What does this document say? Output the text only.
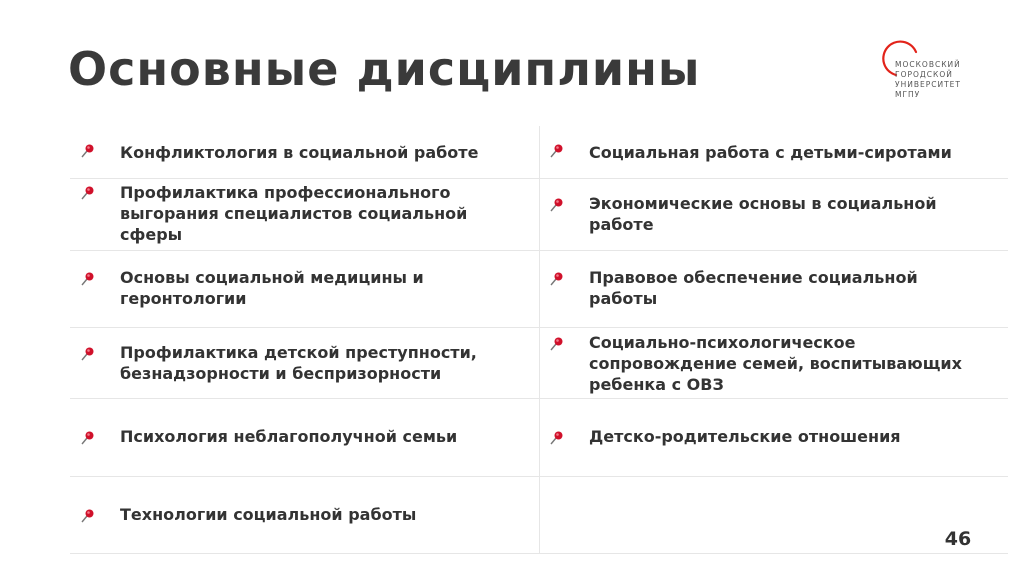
Основные дисциплины	МОСКОВСКИЙ
ГОРОДСКОЙ
УНИВЕРСИТЕТ
МГПУ
Конфликтология в социальной работе
Профилактика профессионального выгорания специалистов социальной сферы
Основы социальной медицины и геронтологии
Профилактика детской преступности, безнадзорности и беспризорности
Психология неблагополучной семьи
Технологии социальной работы
Социальная работа с детьми-сиротами
Экономические основы в социальной работе
Правовое обеспечение социальной работы
Социально-психологическое сопровождение семей, воспитывающих ребенка с ОВЗ
Детско-родительские отношения
46
